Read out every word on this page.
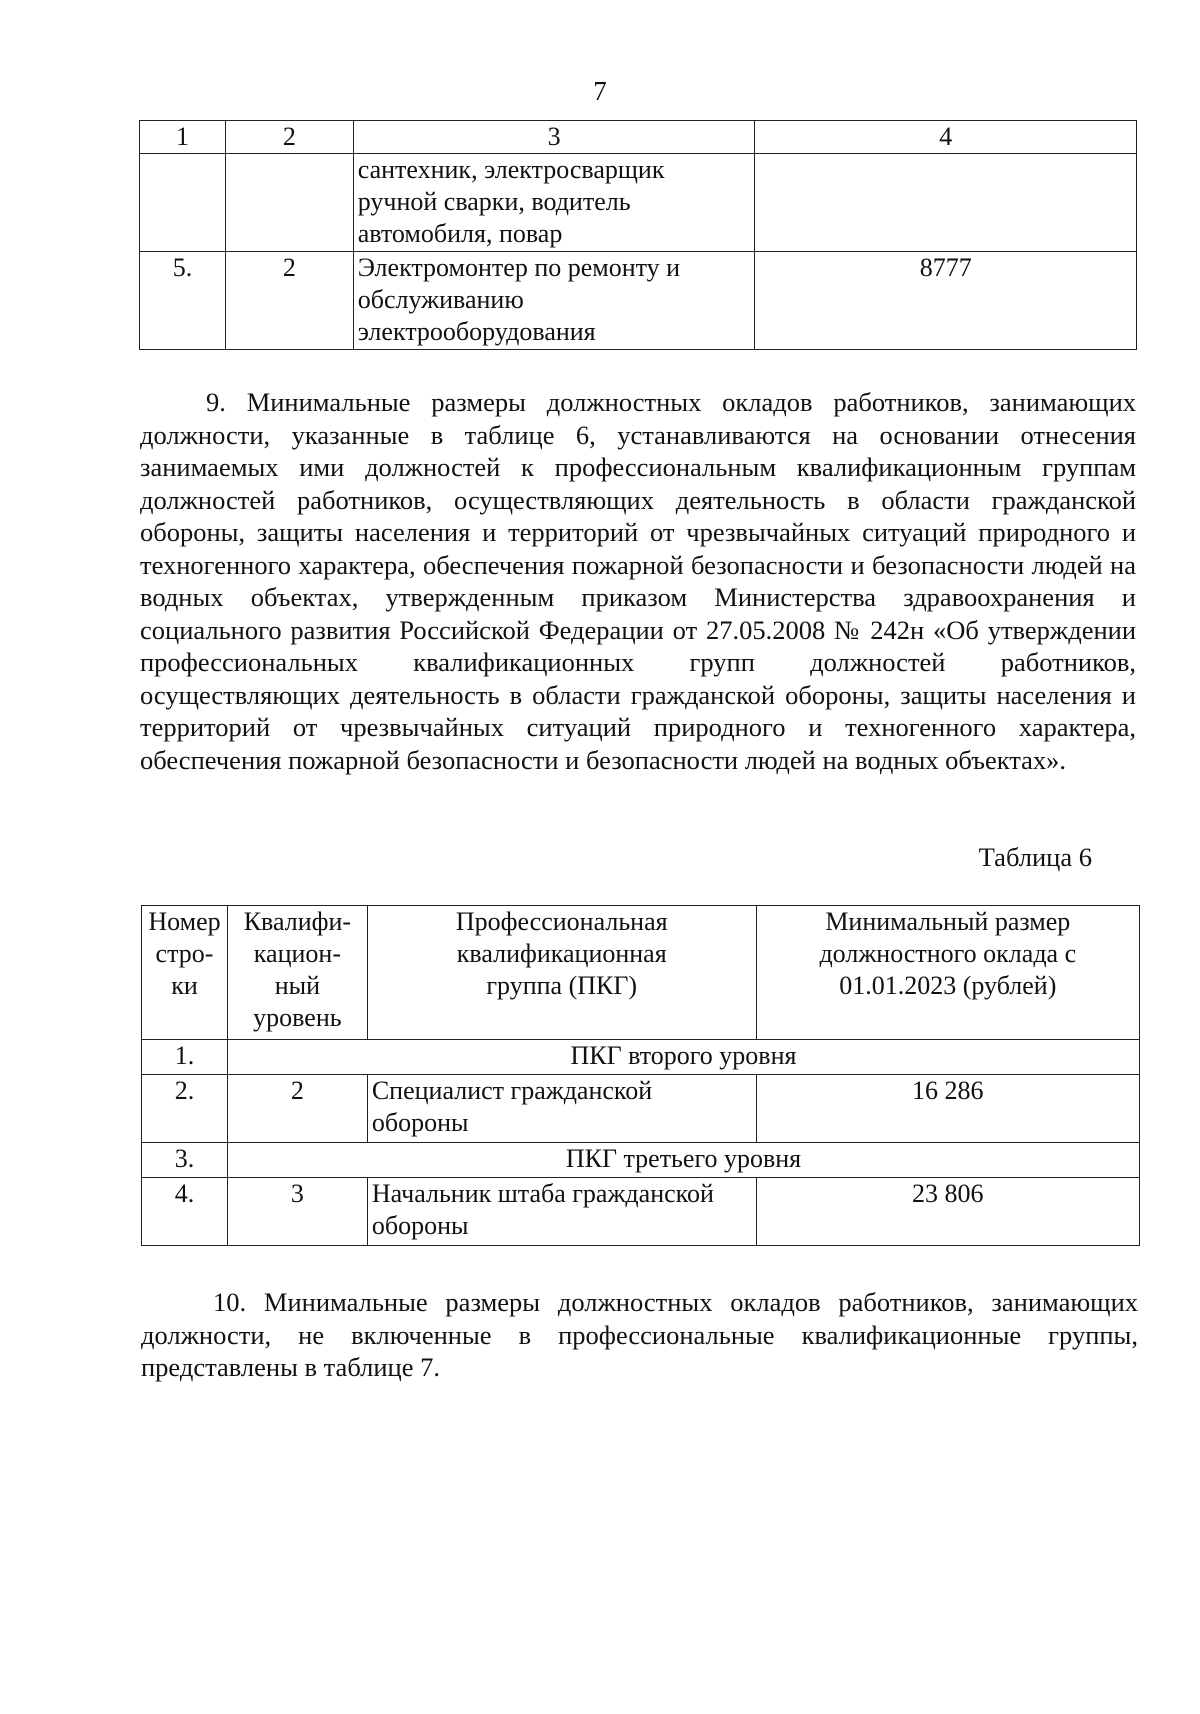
7
1	2	3	4
		сантехник, электросварщик ручной сварки, водитель автомобиля, повар	
5.	2	Электромонтер по ремонту и обслуживанию электрооборудования	8777

9. Минимальные размеры должностных окладов работников, занимающих должности, указанные в таблице 6, устанавливаются на основании отнесения занимаемых ими должностей к профессиональным квалификационным группам должностей работников, осуществляющих деятельность в области гражданской обороны, защиты населения и территорий от чрезвычайных ситуаций природного и техногенного характера, обеспечения пожарной безопасности и безопасности людей на водных объектах, утвержденным приказом Министерства здравоохранения и социального развития Российской Федерации от 27.05.2008 № 242н «Об утверждении профессиональных квалификационных групп должностей работников, осуществляющих деятельность в области гражданской обороны, защиты населения и территорий от чрезвычайных ситуаций природного и техногенного характера, обеспечения пожарной безопасности и безопасности людей на водных объектах».

Таблица 6
Номер стро-ки	Квалифи-кацион-ный уровень	Профессиональная квалификационная группа (ПКГ)	Минимальный размер должностного оклада с 01.01.2023 (рублей)
1.	ПКГ второго уровня		
2.	2	Специалист гражданской обороны	16 286
3.	ПКГ третьего уровня		
4.	3	Начальник штаба гражданской обороны	23 806

10. Минимальные размеры должностных окладов работников, занимающих должности, не включенные в профессиональные квалификационные группы, представлены в таблице 7.
